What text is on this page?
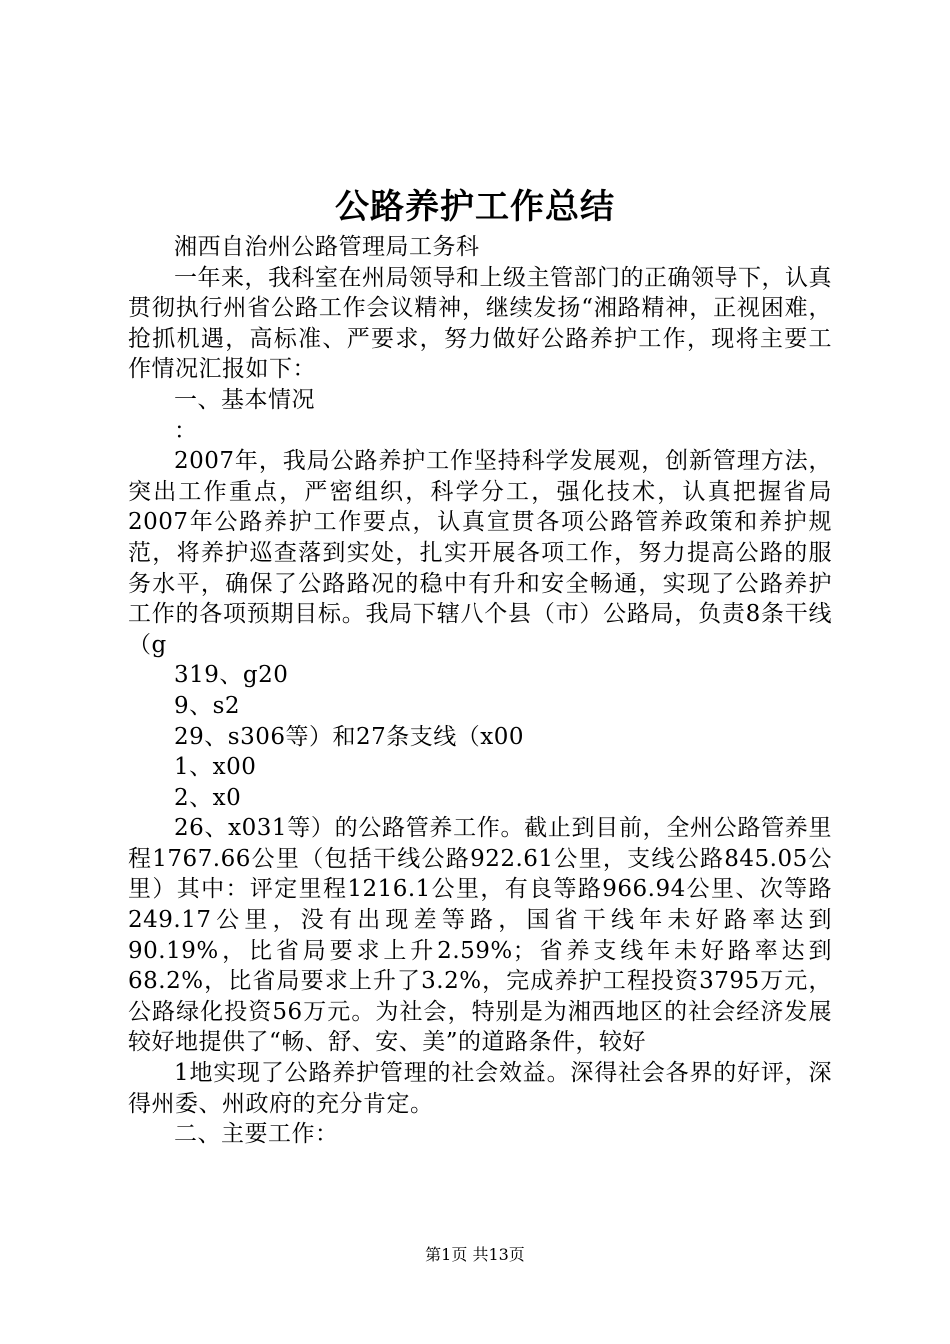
公路养护工作总结

湘西自治州公路管理局工务科

一年来，我科室在州局领导和上级主管部门的正确领导下，认真贯彻执行州省公路工作会议精神，继续发扬“湘路精神，正视困难，抢抓机遇，高标准、严要求，努力做好公路养护工作，现将主要工作情况汇报如下：

一、基本情况

：

2007年，我局公路养护工作坚持科学发展观，创新管理方法，突出工作重点，严密组织，科学分工，强化技术，认真把握省局2007年公路养护工作要点，认真宣贯各项公路管养政策和养护规范，将养护巡查落到实处，扎实开展各项工作，努力提高公路的服务水平，确保了公路路况的稳中有升和安全畅通，实现了公路养护工作的各项预期目标。我局下辖八个县（市）公路局，负责8条干线（g

319、g20

9、s2

29、s306等）和27条支线（x00

1、x00

2、x0

26、x031等）的公路管养工作。截止到目前，全州公路管养里程1767.66公里（包括干线公路922.61公里，支线公路845.05公里）其中：评定里程1216.1公里，有良等路966.94公里、次等路249.17公里，没有出现差等路，国省干线年未好路率达到90.19%，比省局要求上升2.59%；省养支线年未好路率达到68.2%，比省局要求上升了3.2%，完成养护工程投资3795万元，公路绿化投资56万元。为社会，特别是为湘西地区的社会经济发展较好地提供了“畅、舒、安、美”的道路条件，较好

1地实现了公路养护管理的社会效益。深得社会各界的好评，深得州委、州政府的充分肯定。

二、主要工作：

第1页 共13页
